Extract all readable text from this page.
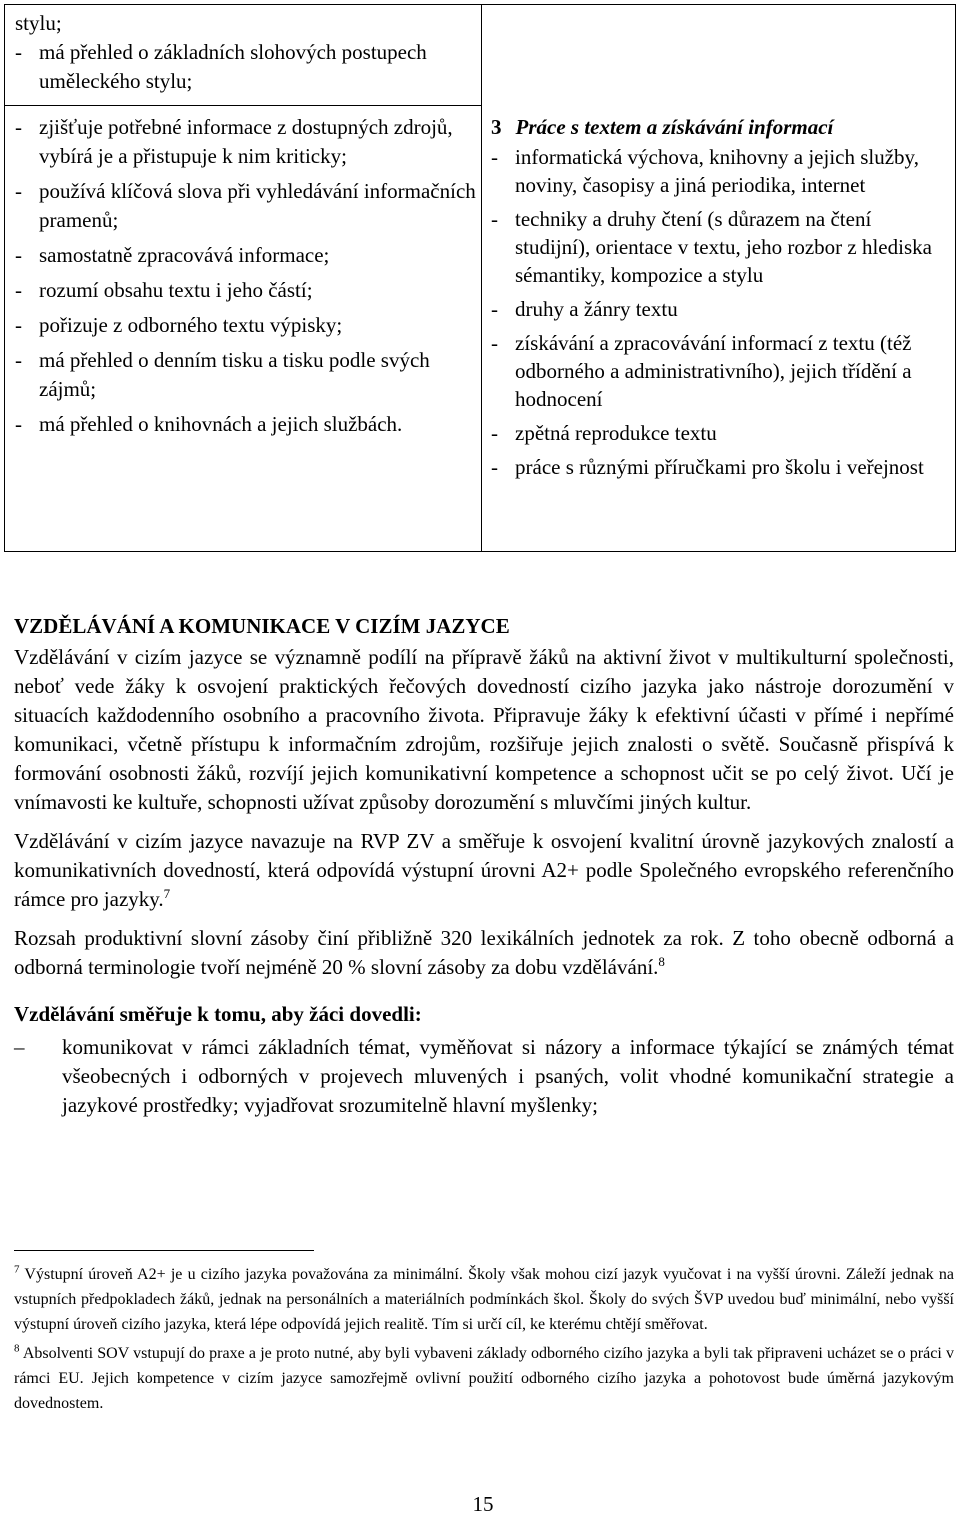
stylu;
- má přehled o základních slohových postupech uměleckého stylu;
- zjišťuje potřebné informace z dostupných zdrojů, vybírá je a přistupuje k nim kriticky;
- používá klíčová slova při vyhledávání informačních pramenů;
- samostatně zpracovává informace;
- rozumí obsahu textu i jeho částí;
- pořizuje z odborného textu výpisky;
- má přehled o denním tisku a tisku podle svých zájmů;
- má přehled o knihovnách a jejich službách.
3 Práce s textem a získávání informací
- informatická výchova, knihovny a jejich služby, noviny, časopisy a jiná periodika, internet
- techniky a druhy čtení (s důrazem na čtení studijní), orientace v textu, jeho rozbor z hlediska sémantiky, kompozice a stylu
- druhy a žánry textu
- získávání a zpracovávání informací z textu (též odborného a administrativního), jejich třídění a hodnocení
- zpětná reprodukce textu
- práce s různými příručkami pro školu i veřejnost
VZDĚLÁVÁNÍ A KOMUNIKACE V CIZÍM JAZYCE

Vzdělávání v cizím jazyce se významně podílí na přípravě žáků na aktivní život v multikulturní společnosti, neboť vede žáky k osvojení praktických řečových dovedností cizího jazyka jako nástroje dorozumění v situacích každodenního osobního a pracovního života. Připravuje žáky k efektivní účasti v přímé i nepřímé komunikaci, včetně přístupu k informačním zdrojům, rozšiřuje jejich znalosti o světě. Současně přispívá k formování osobnosti žáků, rozvíjí jejich komunikativní kompetence a schopnost učit se po celý život. Učí je vnímavosti ke kultuře, schopnosti užívat způsoby dorozumění s mluvčími jiných kultur.

Vzdělávání v cizím jazyce navazuje na RVP ZV a směřuje k osvojení kvalitní úrovně jazykových znalostí a komunikativních dovedností, která odpovídá výstupní úrovni A2+ podle Společného evropského referenčního rámce pro jazyky.$^7$

Rozsah produktivní slovní zásoby činí přibližně 320 lexikálních jednotek za rok. Z toho obecně odborná a odborná terminologie tvoří nejméně 20 % slovní zásoby za dobu vzdělávání.$^8$

Vzdělávání směřuje k tomu, aby žáci dovedli:
– komunikovat v rámci základních témat, vyměňovat si názory a informace týkající se známých témat všeobecných i odborných v projevech mluvených i psaných, volit vhodné komunikační strategie a jazykové prostředky; vyjadřovat srozumitelně hlavní myšlenky;

$^7$ Výstupní úroveň A2+ je u cizího jazyka považována za minimální. Školy však mohou cizí jazyk vyučovat i na vyšší úrovni. Záleží jednak na vstupních předpokladech žáků, jednak na personálních a materiálních podmínkách škol. Školy do svých ŠVP uvedou buď minimální, nebo vyšší výstupní úroveň cizího jazyka, která lépe odpovídá jejich realitě. Tím si určí cíl, ke kterému chtějí směřovat.

$^8$ Absolventi SOV vstupují do praxe a je proto nutné, aby byli vybaveni základy odborného cizího jazyka a byli tak připraveni ucházet se o práci v rámci EU. Jejich kompetence v cizím jazyce samozřejmě ovlivní použití odborného cizího jazyka a pohotovost bude úměrná jazykovým dovednostem.

15
